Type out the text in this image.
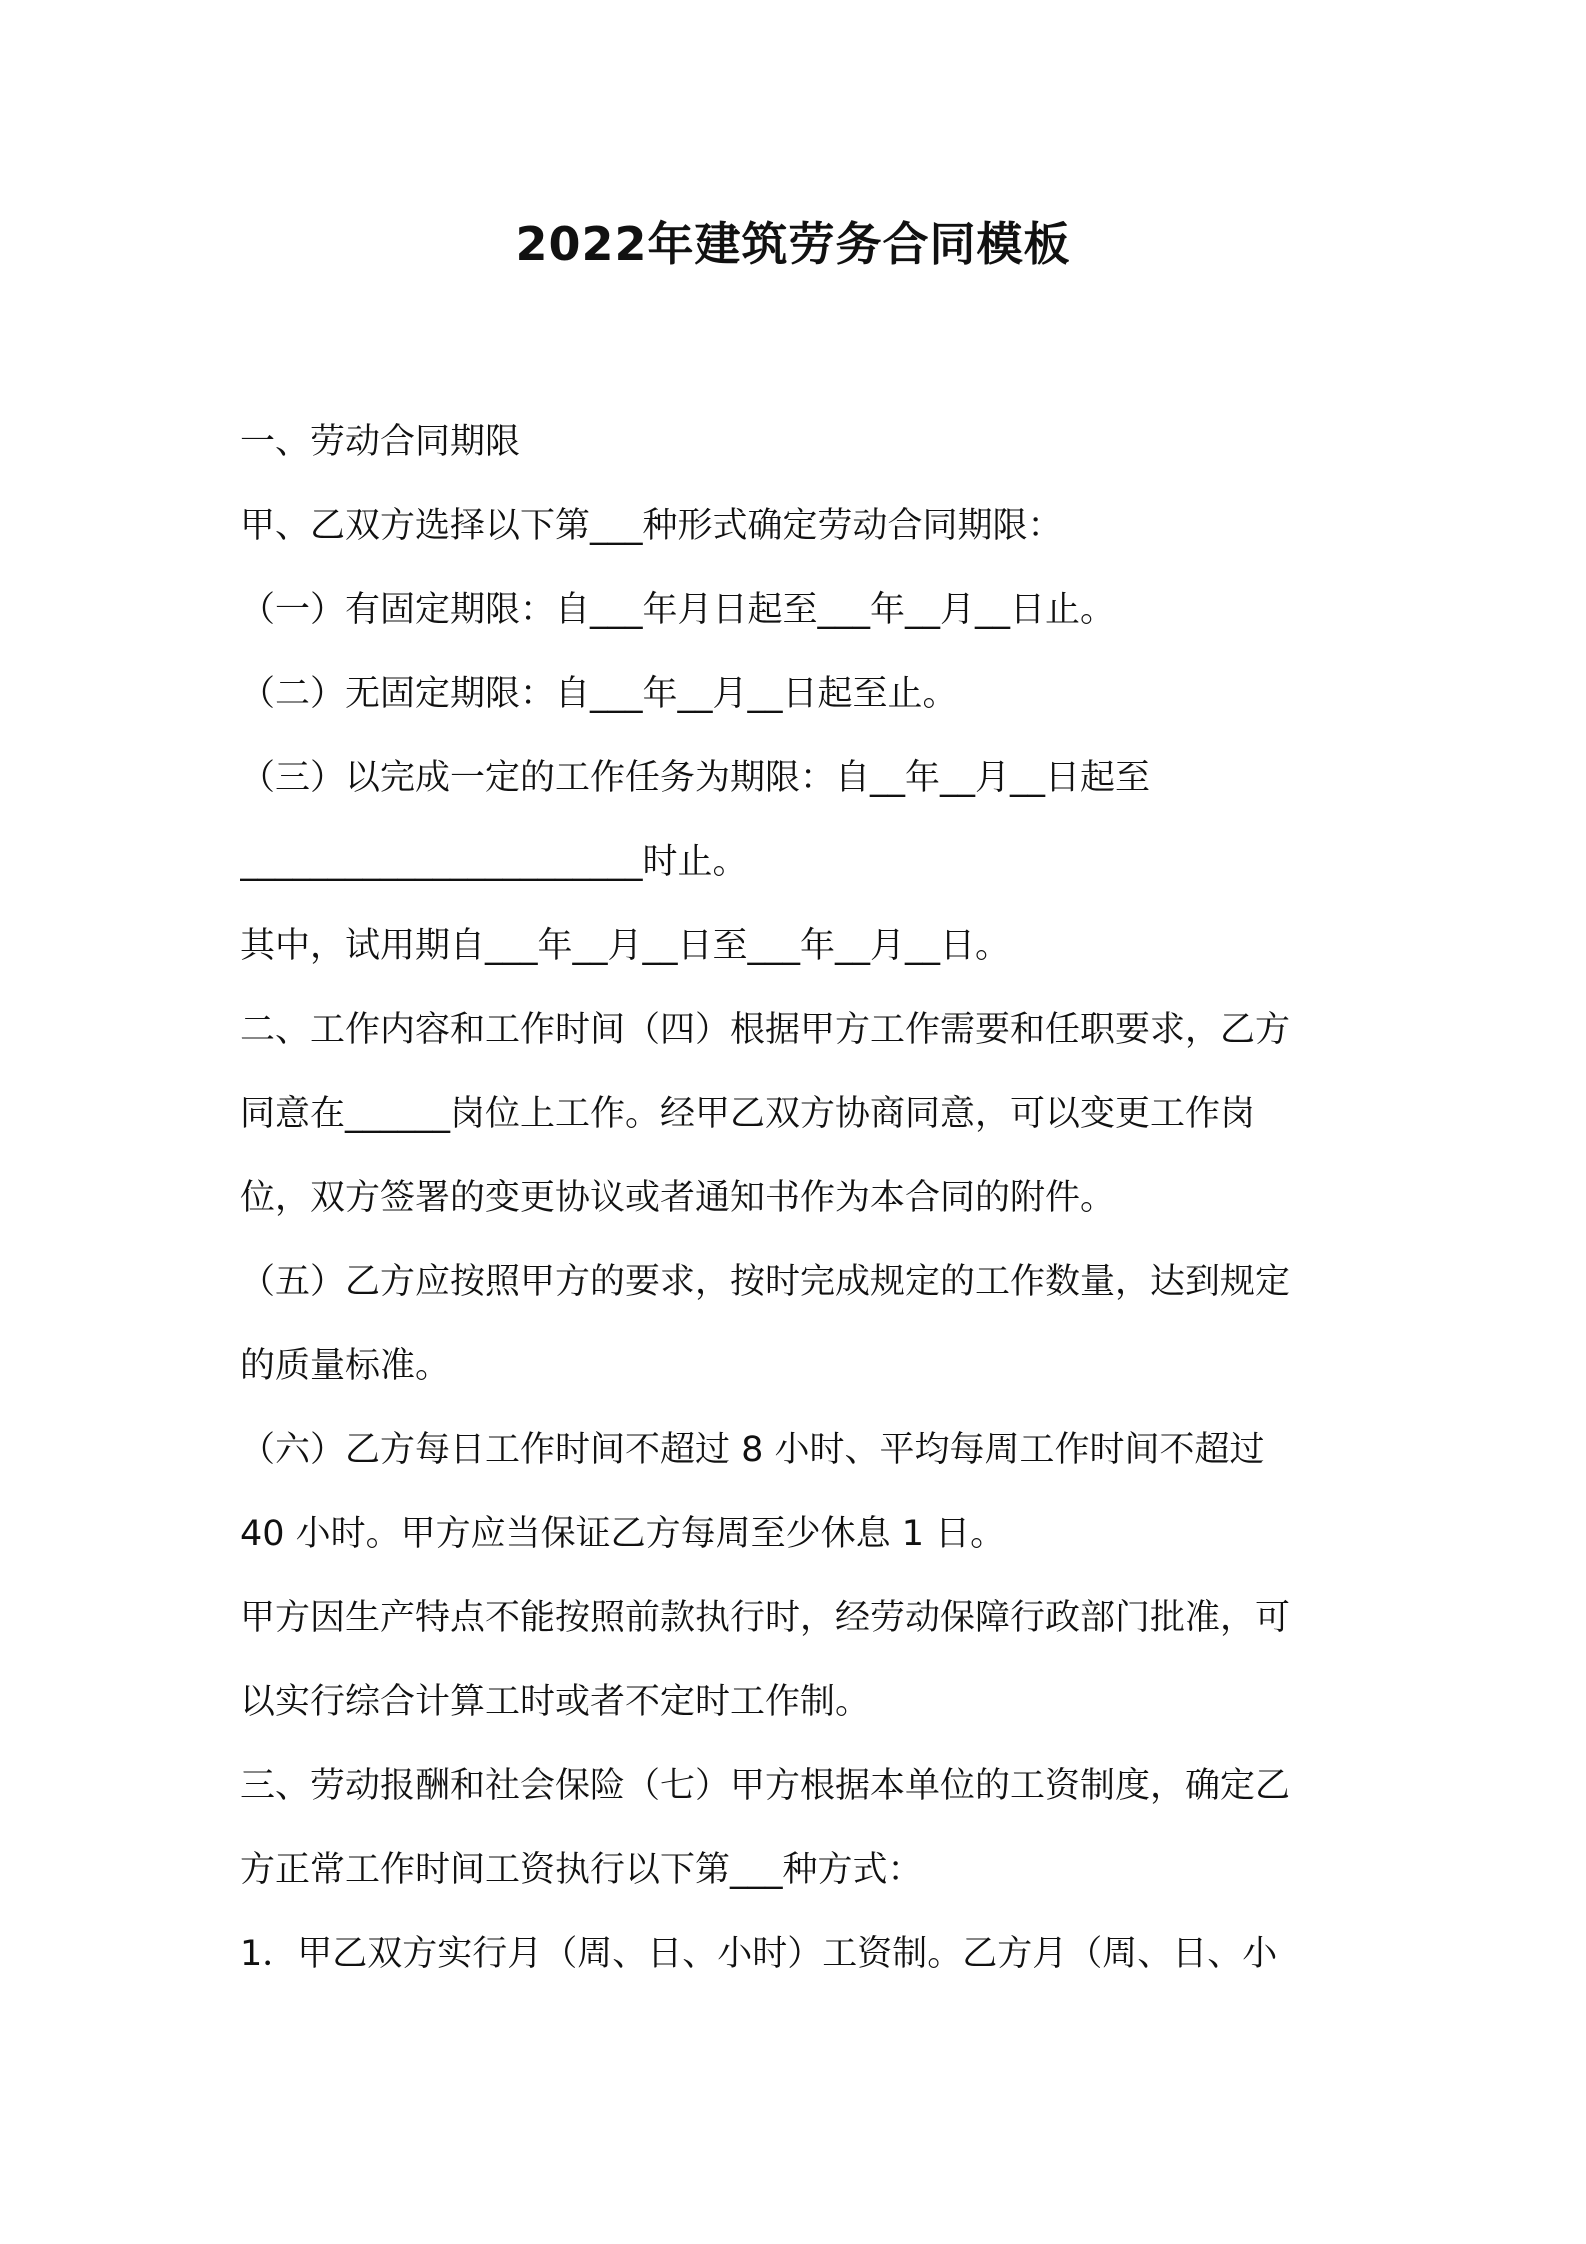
2022年建筑劳务合同模板
一、劳动合同期限
甲、乙双方选择以下第___种形式确定劳动合同期限：
（一）有固定期限：自___年月日起至___年__月__日止。
（二）无固定期限：自___年__月__日起至止。
（三）以完成一定的工作任务为期限：自__年__月__日起至
_______________________时止。
其中，试用期自___年__月__日至___年__月__日。
二、工作内容和工作时间（四）根据甲方工作需要和任职要求，乙方
同意在______岗位上工作。经甲乙双方协商同意，可以变更工作岗
位，双方签署的变更协议或者通知书作为本合同的附件。
（五）乙方应按照甲方的要求，按时完成规定的工作数量，达到规定
的质量标准。
（六）乙方每日工作时间不超过 8 小时、平均每周工作时间不超过
40 小时。甲方应当保证乙方每周至少休息 1 日。
甲方因生产特点不能按照前款执行时，经劳动保障行政部门批准，可
以实行综合计算工时或者不定时工作制。
三、劳动报酬和社会保险（七）甲方根据本单位的工资制度，确定乙
方正常工作时间工资执行以下第___种方式：
1．甲乙双方实行月（周、日、小时）工资制。乙方月（周、日、小
